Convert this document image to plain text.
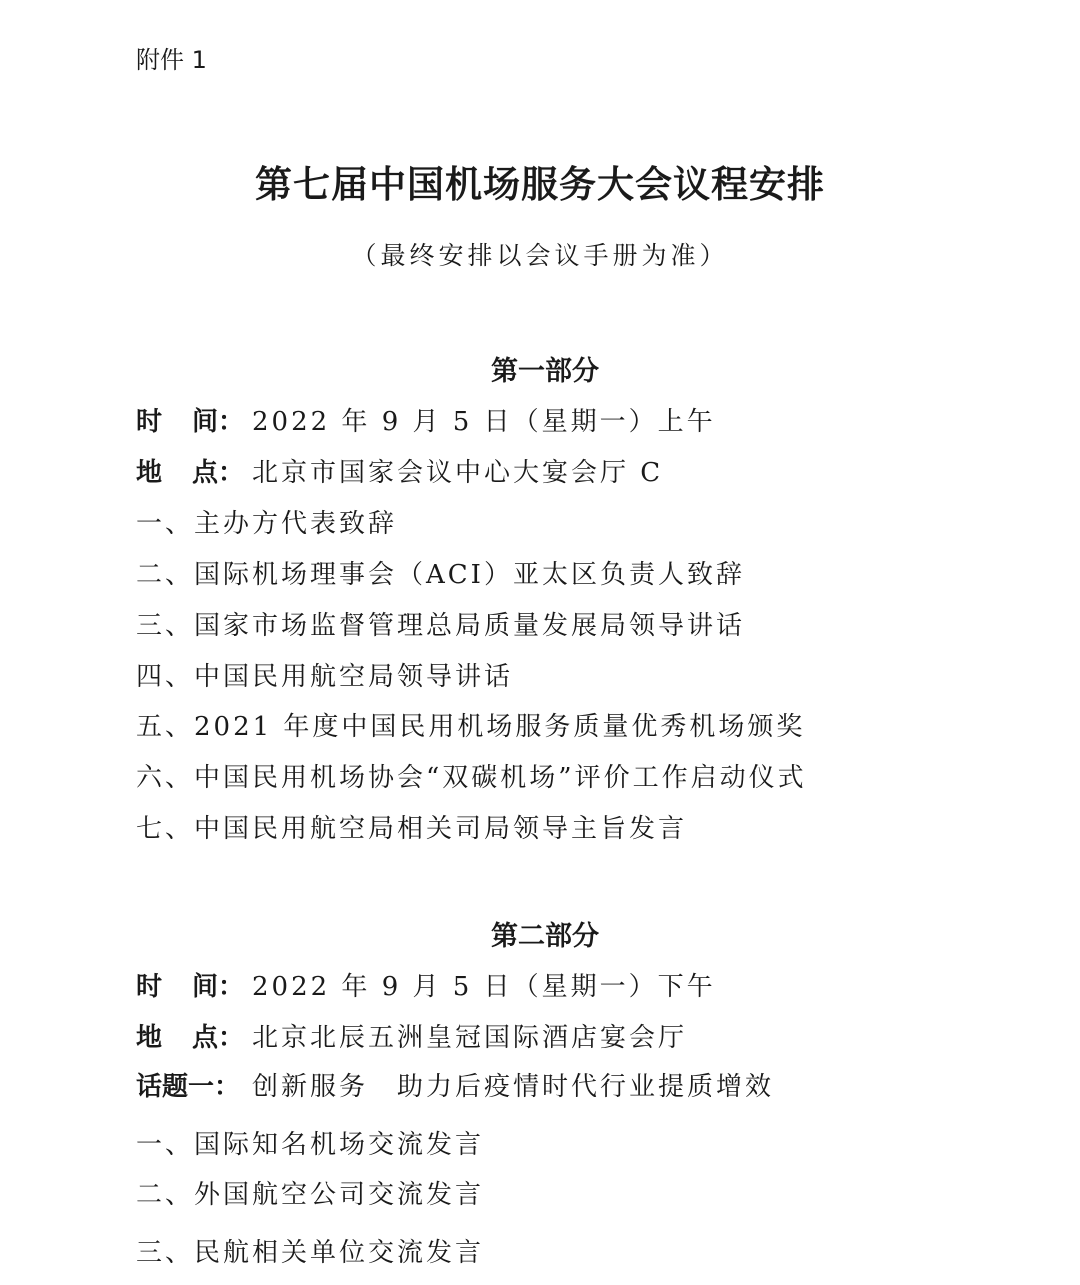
附件 1
第七届中国机场服务大会议程安排
（最终安排以会议手册为准）
第一部分
时 间： 2022 年 9 月 5 日（星期一）上午
地 点： 北京市国家会议中心大宴会厅 C
一、主办方代表致辞
二、国际机场理事会（ACI）亚太区负责人致辞
三、国家市场监督管理总局质量发展局领导讲话
四、中国民用航空局领导讲话
五、2021 年度中国民用机场服务质量优秀机场颁奖
六、中国民用机场协会“双碳机场”评价工作启动仪式
七、中国民用航空局相关司局领导主旨发言
第二部分
时 间： 2022 年 9 月 5 日（星期一）下午
地 点： 北京北辰五洲皇冠国际酒店宴会厅
话题一： 创新服务　助力后疫情时代行业提质增效
一、国际知名机场交流发言
二、外国航空公司交流发言
三、民航相关单位交流发言
